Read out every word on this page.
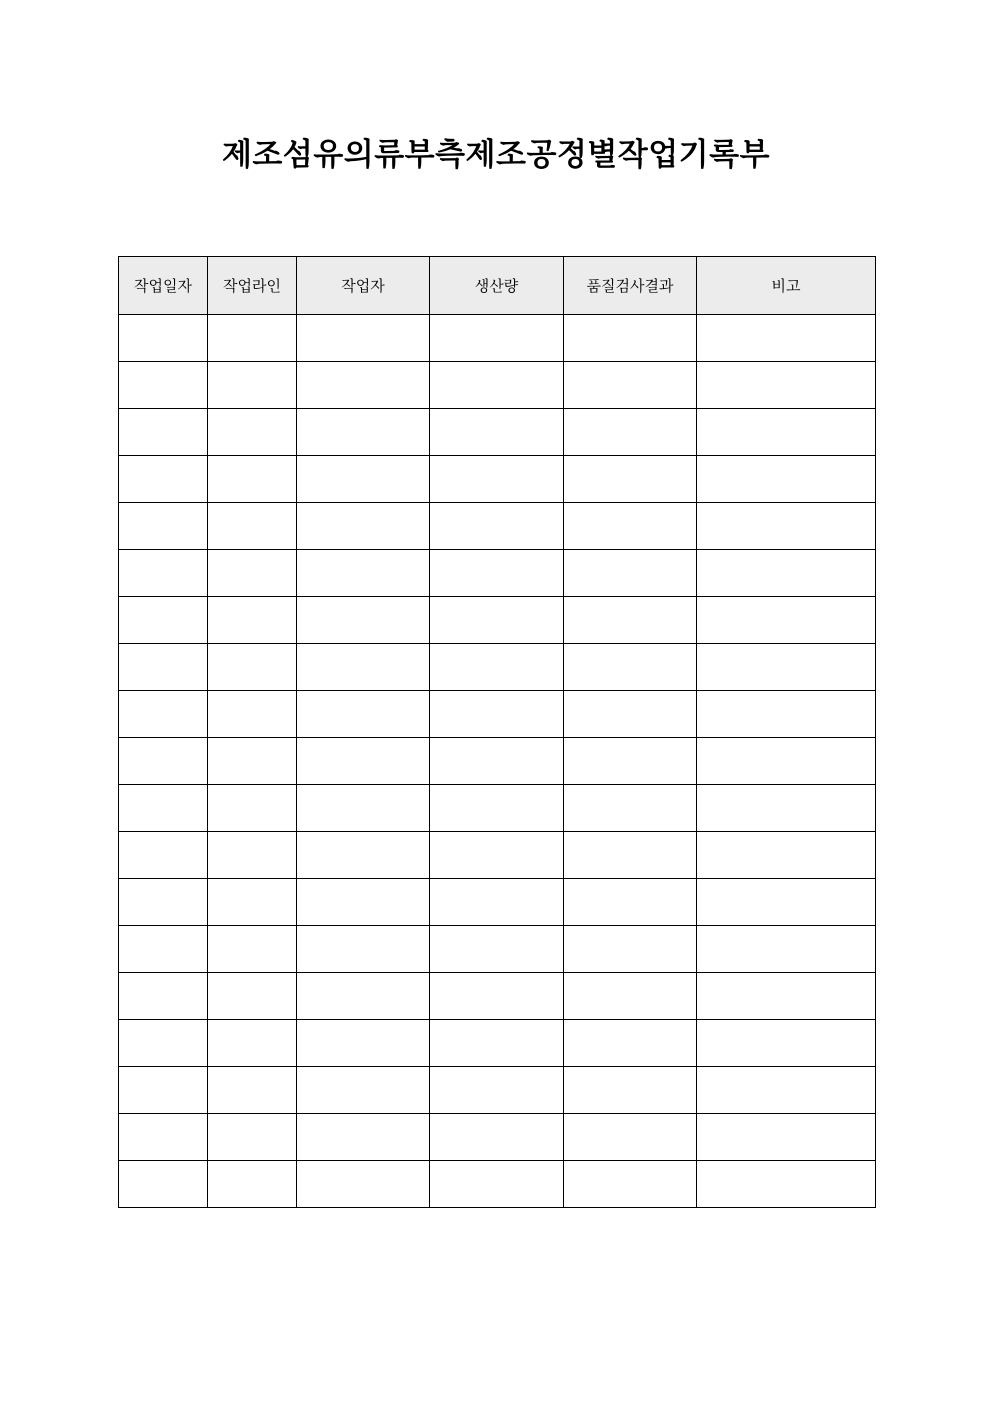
제조섬유의류부측제조공정별작업기록부
작업일자	작업라인	작업자	생산량	품질검사결과	비고
